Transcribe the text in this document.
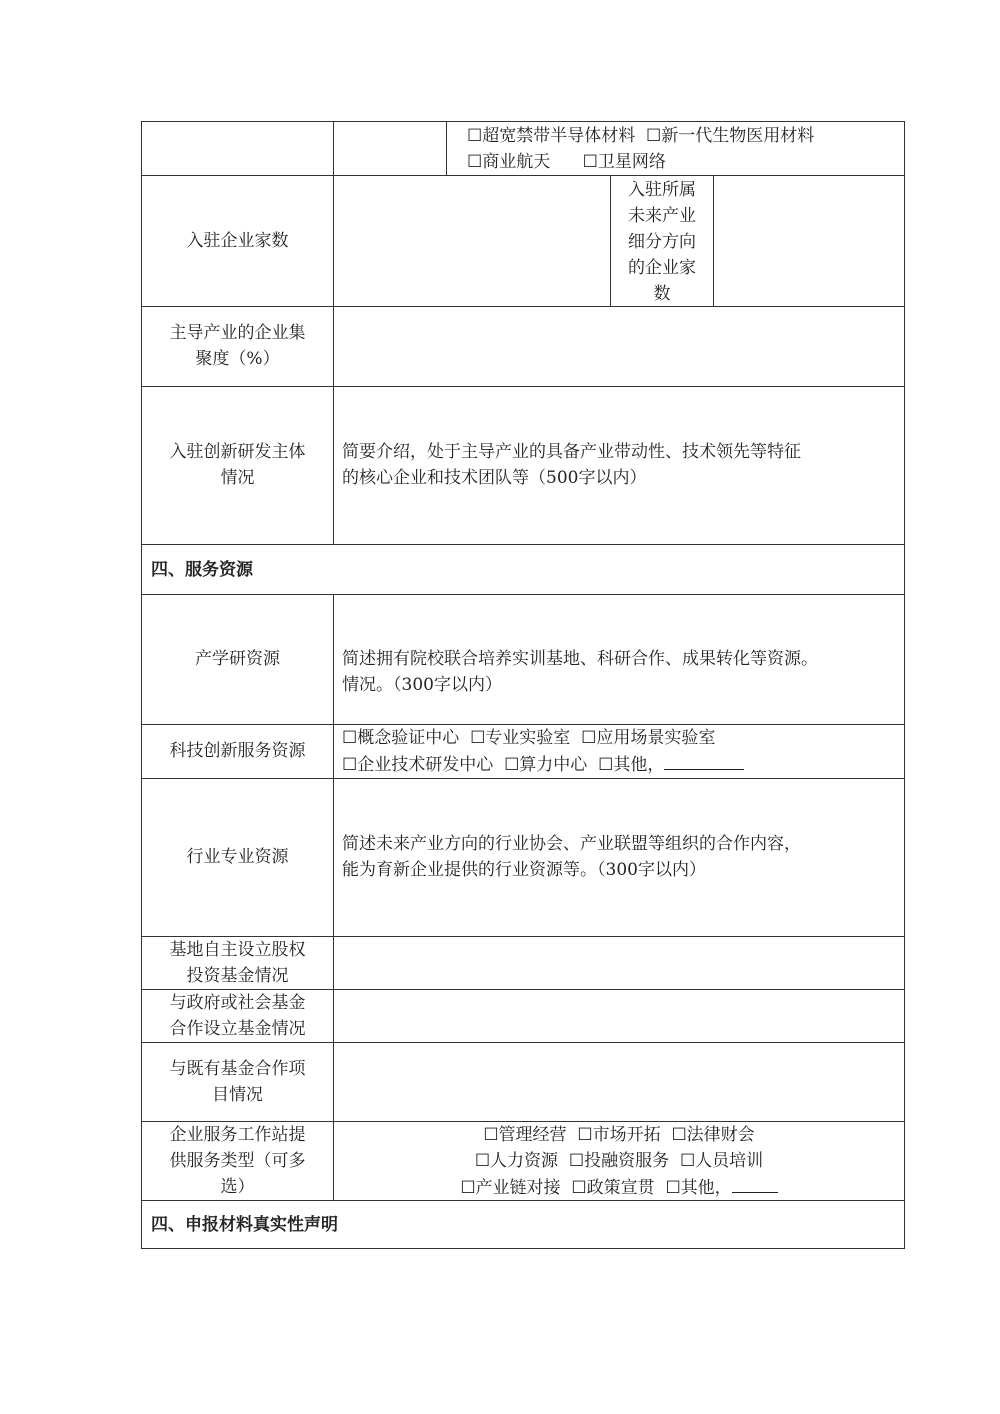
☐超宽禁带半导体材料  ☐新一代生物医用材料
☐商业航天      ☐卫星网络
入驻企业家数
入驻所属
未来产业
细分方向
的企业家
数
主导产业的企业集
聚度（%）
入驻创新研发主体
情况
简要介绍，处于主导产业的具备产业带动性、技术领先等特征
的核心企业和技术团队等（500字以内）
四、服务资源
产学研资源	简述拥有院校联合培养实训基地、科研合作、成果转化等资源。
情况。（300字以内）
科技创新服务资源
☐概念验证中心 ☐专业实验室 ☐应用场景实验室
☐企业技术研发中心 ☐算力中心 ☐其他，
行业专业资源
简述未来产业方向的行业协会、产业联盟等组织的合作内容，
能为育新企业提供的行业资源等。（300字以内）
基地自主设立股权
投资基金情况
与政府或社会基金
合作设立基金情况
与既有基金合作项
目情况
企业服务工作站提
供服务类型（可多
选）
☐管理经营 ☐市场开拓 ☐法律财会
☐人力资源 ☐投融资服务 ☐人员培训
☐产业链对接 ☐政策宣贯 ☐其他，
四、申报材料真实性声明
